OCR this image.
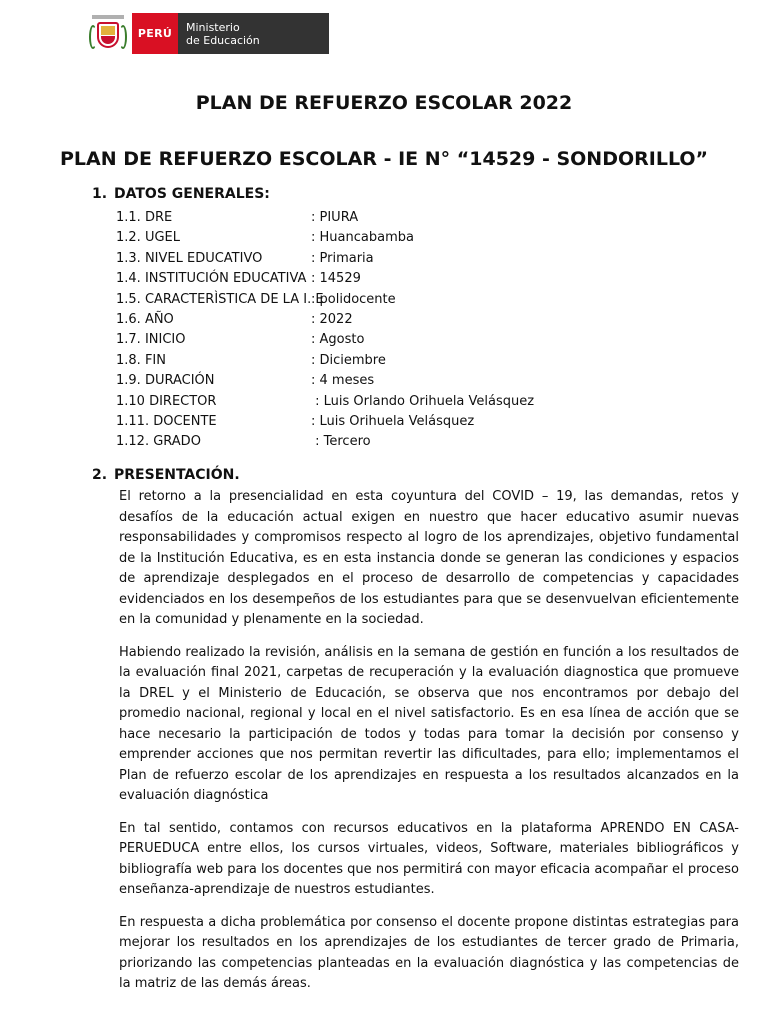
PERÚ Ministerio
de Educación
PLAN DE REFUERZO ESCOLAR 2022
PLAN DE REFUERZO ESCOLAR - IE N° “14529 - SONDORILLO”
1. DATOS GENERALES:
1.1. DRE	: PIURA
1.2. UGEL	: Huancabamba
1.3. NIVEL EDUCATIVO	: Primaria
1.4. INSTITUCIÓN EDUCATIVA : 14529
1.5. CARACTERÌSTICA DE LA I. E: polidocente
1.6. AÑO	: 2022
1.7. INICIO	: Agosto
1.8. FIN	: Diciembre
1.9. DURACIÓN	: 4 meses
1.10 DIRECTOR	: Luis Orlando Orihuela Velásquez
1.11. DOCENTE	: Luis Orihuela Velásquez
1.12. GRADO	: Tercero
2. PRESENTACIÓN.

El retorno a la presencialidad en esta coyuntura del COVID – 19, las demandas, retos y desafíos de la educación actual exigen en nuestro que hacer educativo asumir nuevas responsabilidades y compromisos respecto al logro de los aprendizajes, objetivo fundamental de la Institución Educativa, es en esta instancia donde se generan las condiciones y espacios de aprendizaje desplegados en el proceso de desarrollo de competencias y capacidades evidenciados en los desempeños de los estudiantes para que se desenvuelvan eficientemente en la comunidad y plenamente en la sociedad.

Habiendo realizado la revisión, análisis en la semana de gestión en función a los resultados de la evaluación final 2021, carpetas de recuperación y la evaluación diagnostica que promueve la DREL y el Ministerio de Educación, se observa que nos encontramos por debajo del promedio nacional, regional y local en el nivel satisfactorio. Es en esa línea de acción que se hace necesario la participación de todos y todas para tomar la decisión por consenso y emprender acciones que nos permitan revertir las dificultades, para ello; implementamos el Plan de refuerzo escolar de los aprendizajes en respuesta a los resultados alcanzados en la evaluación diagnóstica

En tal sentido, contamos con recursos educativos en la plataforma APRENDO EN CASA-PERUEDUCA entre ellos, los cursos virtuales, videos, Software, materiales bibliográficos y bibliografía web para los docentes que nos permitirá con mayor eficacia acompañar el proceso enseñanza-aprendizaje de nuestros estudiantes.

En respuesta a dicha problemática por consenso el docente propone distintas estrategias para mejorar los resultados en los aprendizajes de los estudiantes de tercer grado de Primaria, priorizando las competencias planteadas en la evaluación diagnóstica y las competencias de la matriz de las demás áreas.
